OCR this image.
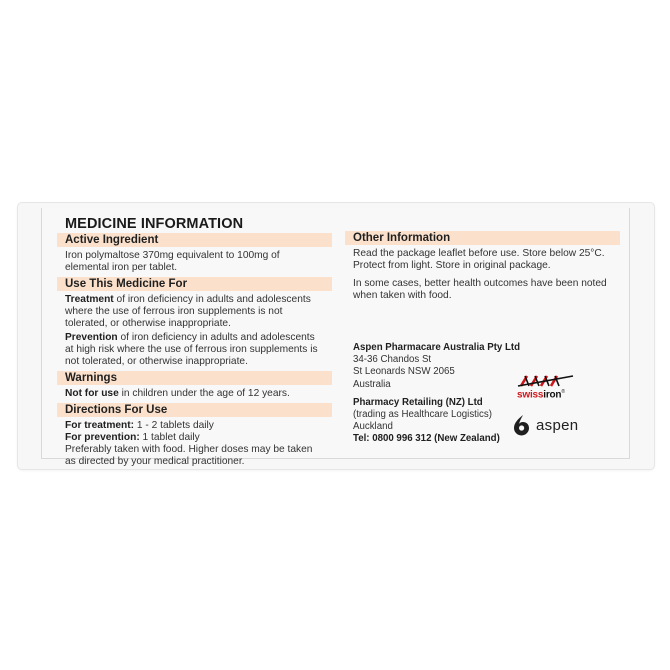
MEDICINE INFORMATION
Active Ingredient
Iron polymaltose 370mg equivalent to 100mg of elemental iron per tablet.
Use This Medicine For
Treatment of iron deficiency in adults and adolescents where the use of ferrous iron supplements is not tolerated, or otherwise inappropriate.
Prevention of iron deficiency in adults and adolescents at high risk where the use of ferrous iron supplements is not tolerated, or otherwise inappropriate.
Warnings
Not for use in children under the age of 12 years.
Directions For Use
For treatment: 1 - 2 tablets daily
For prevention: 1 tablet daily
Preferably taken with food. Higher doses may be taken as directed by your medical practitioner.
Other Information
Read the package leaflet before use. Store below 25°C. Protect from light. Store in original package.
In some cases, better health outcomes have been noted when taken with food.
Aspen Pharmacare Australia Pty Ltd
34-36 Chandos St
St Leonards NSW 2065
Australia
Pharmacy Retailing (NZ) Ltd
(trading as Healthcare Logistics)
Auckland
Tel: 0800 996 312 (New Zealand)
swissiron®
aspen
